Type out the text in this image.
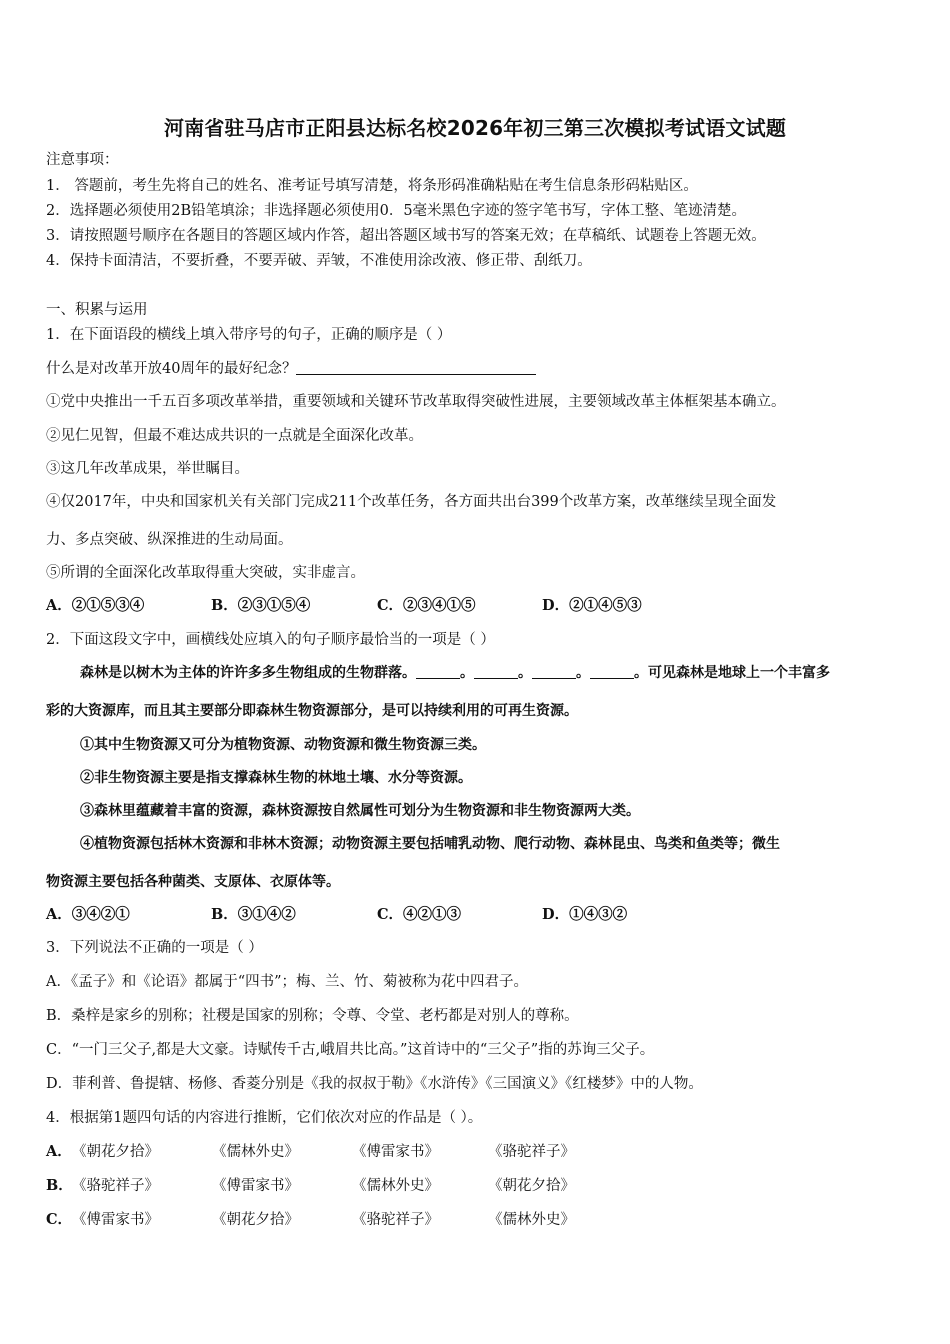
河南省驻马店市正阳县达标名校2026年初三第三次模拟考试语文试题
注意事项：
1． 答题前，考生先将自己的姓名、准考证号填写清楚，将条形码准确粘贴在考生信息条形码粘贴区。
2．选择题必须使用2B铅笔填涂；非选择题必须使用0．5毫米黑色字迹的签字笔书写，字体工整、笔迹清楚。
3．请按照题号顺序在各题目的答题区域内作答，超出答题区域书写的答案无效；在草稿纸、试题卷上答题无效。
4．保持卡面清洁，不要折叠，不要弄破、弄皱，不准使用涂改液、修正带、刮纸刀。
一、积累与运用
1．在下面语段的横线上填入带序号的句子，正确的顺序是（ ）
什么是对改革开放40周年的最好纪念？
①党中央推出一千五百多项改革举措，重要领域和关键环节改革取得突破性进展，主要领域改革主体框架基本确立。
②见仁见智，但最不难达成共识的一点就是全面深化改革。
③这几年改革成果，举世瞩目。
④仅2017年，中央和国家机关有关部门完成211个改革任务，各方面共出台399个改革方案，改革继续呈现全面发
力、多点突破、纵深推进的生动局面。
⑤所谓的全面深化改革取得重大突破，实非虚言。
A．②①⑤③④	B．②③①⑤④	C．②③④①⑤	D．②①④⑤③
2．下面这段文字中，画横线处应填入的句子顺序最恰当的一项是（ ）
森林是以树木为主体的许许多多生物组成的生物群落。	。	。	。	。可见森林是地球上一个丰富多
彩的大资源库，而且其主要部分即森林生物资源部分，是可以持续利用的可再生资源。
①其中生物资源又可分为植物资源、动物资源和微生物资源三类。
②非生物资源主要是指支撑森林生物的林地土壤、水分等资源。
③森林里蕴藏着丰富的资源，森林资源按自然属性可划分为生物资源和非生物资源两大类。
④植物资源包括林木资源和非林木资源；动物资源主要包括哺乳动物、爬行动物、森林昆虫、鸟类和鱼类等；微生
物资源主要包括各种菌类、支原体、衣原体等。
A．③④②①	B．③①④②	C．④②①③	D．①④③②
3．下列说法不正确的一项是（ ）
A．《孟子》和《论语》都属于“四书”；梅、兰、竹、菊被称为花中四君子。
B．桑梓是家乡的别称；社稷是国家的别称；令尊、令堂、老朽都是对别人的尊称。
C．“一门三父子,都是大文豪。诗赋传千古,峨眉共比高。”这首诗中的“三父子”指的苏询三父子。
D．菲利普、鲁提辖、杨修、香菱分别是《我的叔叔于勒》《水浒传》《三国演义》《红楼梦》中的人物。
4．根据第1题四句话的内容进行推断，它们依次对应的作品是（ ）。
A． 《朝花夕拾》	《儒林外史》	《傅雷家书》	《骆驼祥子》
B． 《骆驼祥子》	《傅雷家书》	《儒林外史》	《朝花夕拾》
C． 《傅雷家书》	《朝花夕拾》	《骆驼祥子》	《儒林外史》
